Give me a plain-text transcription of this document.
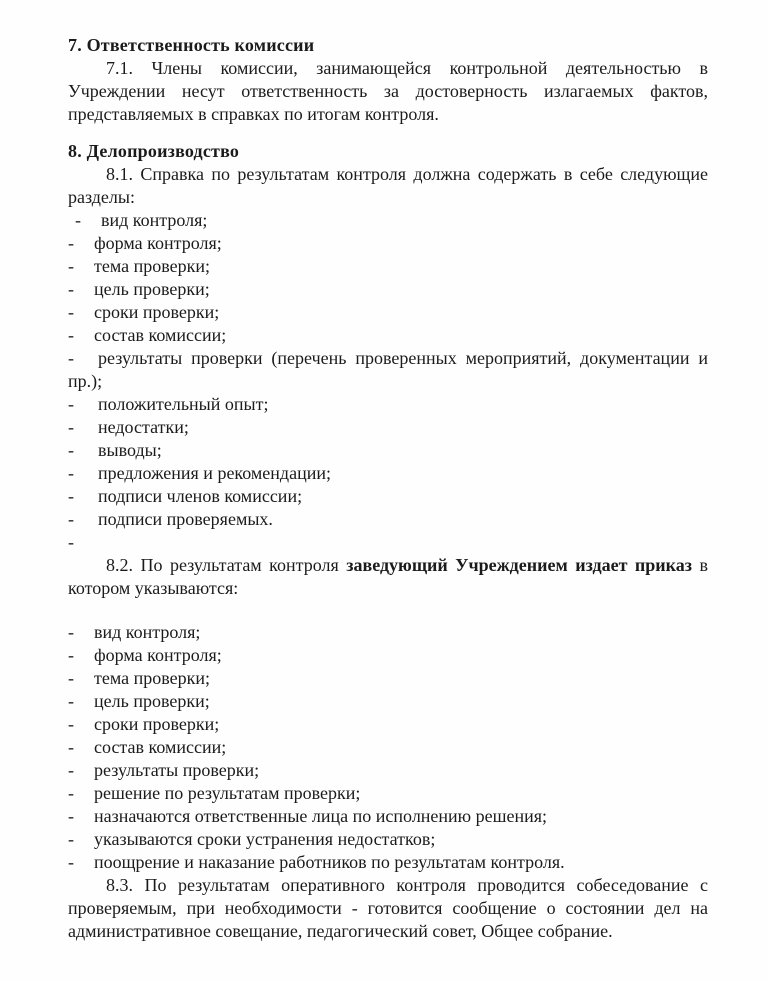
7. Ответственность комиссии
7.1. Члены комиссии, занимающейся контрольной деятельностью в Учреждении несут ответственность за достоверность излагаемых фактов, представляемых в справках по итогам контроля.
8. Делопроизводство
8.1. Справка по результатам контроля должна содержать в себе следующие разделы:
- вид контроля;
- форма контроля;
- тема проверки;
- цель проверки;
- сроки проверки;
- состав комиссии;
- результаты проверки (перечень проверенных мероприятий, документации и пр.);
- положительный опыт;
- недостатки;
- выводы;
- предложения и рекомендации;
- подписи членов комиссии;
- подписи проверяемых.
-
8.2. По результатам контроля заведующий Учреждением издает приказ в котором указываются:
- вид контроля;
- форма контроля;
- тема проверки;
- цель проверки;
- сроки проверки;
- состав комиссии;
- результаты проверки;
- решение по результатам проверки;
- назначаются ответственные лица по исполнению решения;
- указываются сроки устранения недостатков;
- поощрение и наказание работников по результатам контроля.
8.3. По результатам оперативного контроля проводится собеседование с проверяемым, при необходимости - готовится сообщение о состоянии дел на административное совещание, педагогический совет, Общее собрание.
